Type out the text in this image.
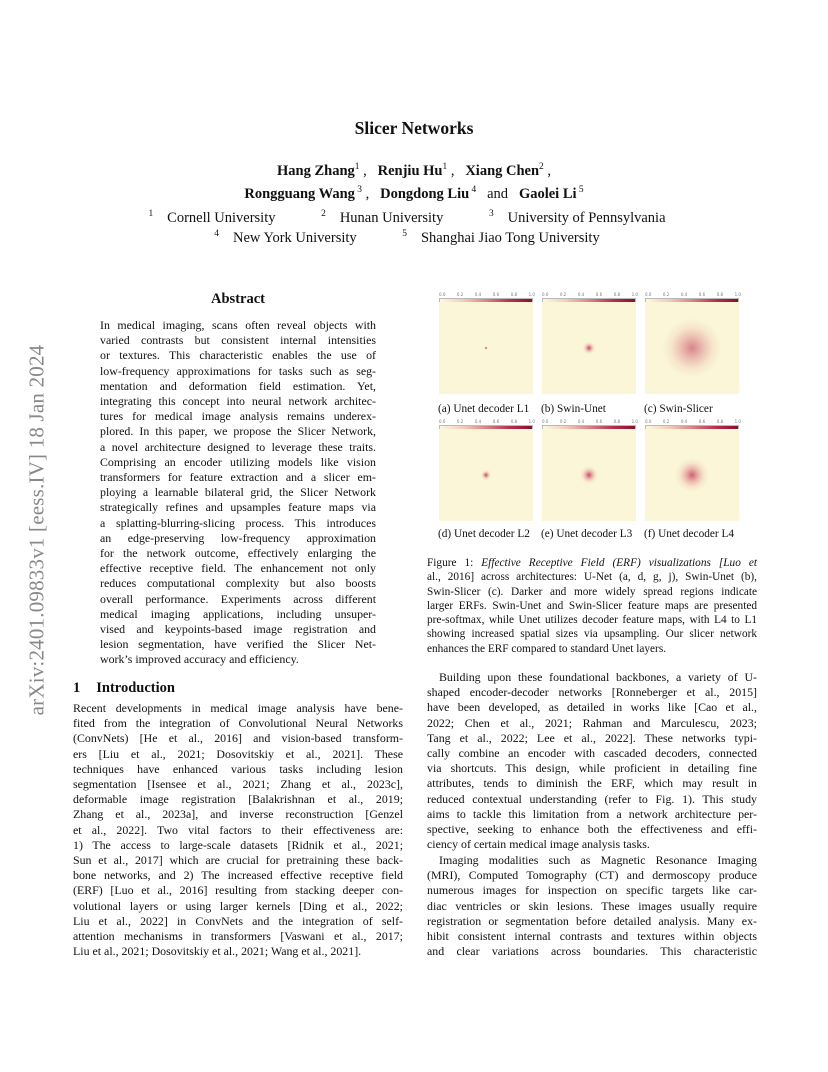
arXiv:2401.09833v1 [eess.IV] 18 Jan 2024
Slicer Networks
Hang Zhang$^1$ ,   Renjiu Hu$^1$ ,   Xiang Chen$^2$ ,
Rongguang Wang $^3$ ,   Dongdong Liu $^4$ and Gaolei Li $^5$
$^1$ Cornell University	$^2$ Hunan University	$^3$ University of Pennsylvania
$^4$ New York University	$^5$ Shanghai Jiao Tong University
Abstract
In medical imaging, scans often reveal objects with
varied contrasts but consistent internal intensities
or textures. This characteristic enables the use of
low-frequency approximations for tasks such as seg-
mentation and deformation field estimation. Yet,
integrating this concept into neural network architec-
tures for medical image analysis remains underex-
plored. In this paper, we propose the Slicer Network,
a novel architecture designed to leverage these traits.
Comprising an encoder utilizing models like vision
transformers for feature extraction and a slicer em-
ploying a learnable bilateral grid, the Slicer Network
strategically refines and upsamples feature maps via
a splatting-blurring-slicing process. This introduces
an edge-preserving low-frequency approximation
for the network outcome, effectively enlarging the
effective receptive field. The enhancement not only
reduces computational complexity but also boosts
overall performance. Experiments across different
medical imaging applications, including unsuper-
vised and keypoints-based image registration and
lesion segmentation, have verified the Slicer Net-
work’s improved accuracy and efficiency.
1 Introduction
Recent developments in medical image analysis have bene-
fited from the integration of Convolutional Neural Networks
(ConvNets) [He et al., 2016] and vision-based transform-
ers [Liu et al., 2021; Dosovitskiy et al., 2021]. These
techniques have enhanced various tasks including lesion
segmentation [Isensee et al., 2021; Zhang et al., 2023c],
deformable image registration [Balakrishnan et al., 2019;
Zhang et al., 2023a], and inverse reconstruction [Genzel
et al., 2022]. Two vital factors to their effectiveness are:
1) The access to large-scale datasets [Ridnik et al., 2021;
Sun et al., 2017] which are crucial for pretraining these back-
bone networks, and 2) The increased effective receptive field
(ERF) [Luo et al., 2016] resulting from stacking deeper con-
volutional layers or using larger kernels [Ding et al., 2022;
Liu et al., 2022] in ConvNets and the integration of self-
attention mechanisms in transformers [Vaswani et al., 2017;
Liu et al., 2021; Dosovitskiy et al., 2021; Wang et al., 2021].
0.0	0.2	0.4	0.6	0.8	1.0
(a) Unet decoder L1
0.0	0.2	0.4	0.6	0.8	1.0
(b) Swin-Unet
0.0	0.2	0.4	0.6	0.8	1.0
(c) Swin-Slicer
0.0	0.2	0.4	0.6	0.8	1.0
(d) Unet decoder L2
0.0	0.2	0.4	0.6	0.8	1.0
(e) Unet decoder L3
0.0	0.2	0.4	0.6	0.8	1.0
(f) Unet decoder L4
Figure 1: Effective Receptive Field (ERF) visualizations [Luo et
al., 2016] across architectures: U-Net (a, d, g, j), Swin-Unet (b),
Swin-Slicer (c). Darker and more widely spread regions indicate
larger ERFs. Swin-Unet and Swin-Slicer feature maps are presented
pre-softmax, while Unet utilizes decoder feature maps, with L4 to L1
showing increased spatial sizes via upsampling. Our slicer network
enhances the ERF compared to standard Unet layers.
Building upon these foundational backbones, a variety of U-
shaped encoder-decoder networks [Ronneberger et al., 2015]
have been developed, as detailed in works like [Cao et al.,
2022; Chen et al., 2021; Rahman and Marculescu, 2023;
Tang et al., 2022; Lee et al., 2022]. These networks typi-
cally combine an encoder with cascaded decoders, connected
via shortcuts. This design, while proficient in detailing fine
attributes, tends to diminish the ERF, which may result in
reduced contextual understanding (refer to Fig. 1). This study
aims to tackle this limitation from a network architecture per-
spective, seeking to enhance both the effectiveness and effi-
ciency of certain medical image analysis tasks.
Imaging modalities such as Magnetic Resonance Imaging
(MRI), Computed Tomography (CT) and dermoscopy produce
numerous images for inspection on specific targets like car-
diac ventricles or skin lesions. These images usually require
registration or segmentation before detailed analysis. Many ex-
hibit consistent internal contrasts and textures within objects
and clear variations across boundaries. This characteristic
